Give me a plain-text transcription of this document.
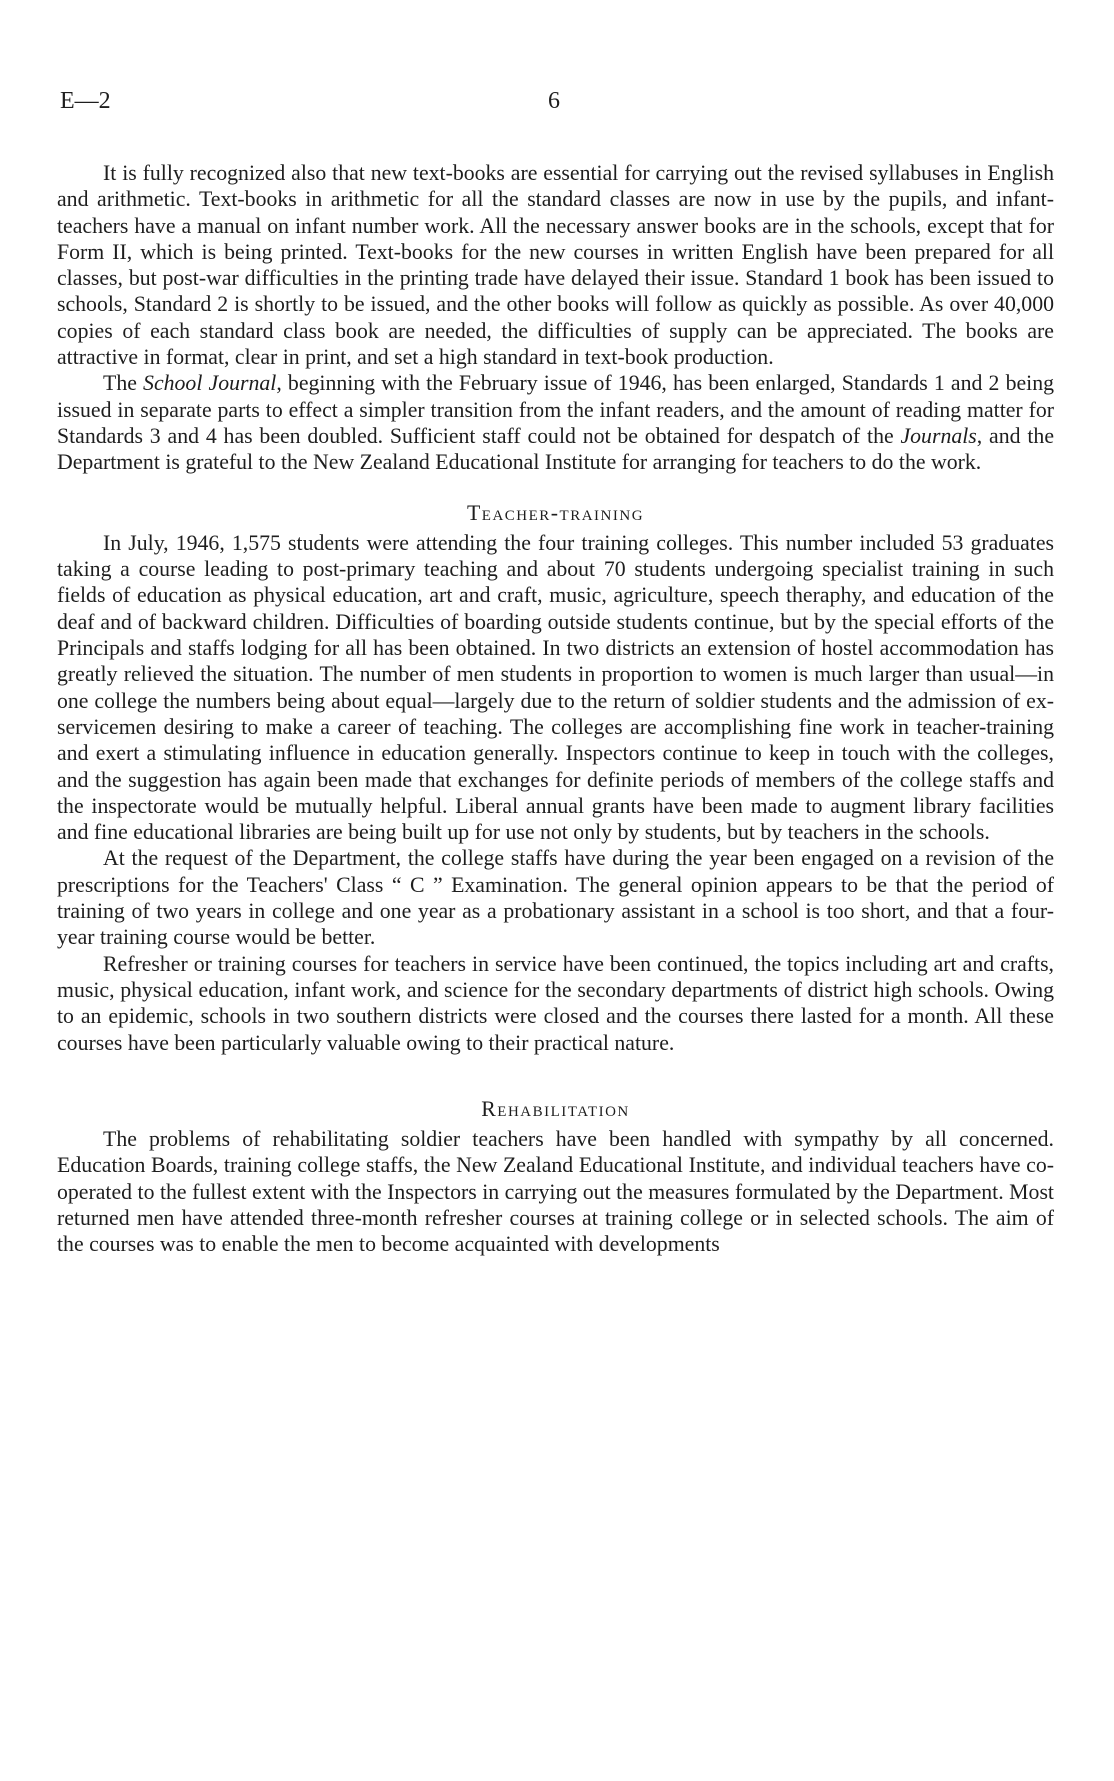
E—2	6

It is fully recognized also that new text-books are essential for carrying out the revised syllabuses in English and arithmetic. Text-books in arithmetic for all the standard classes are now in use by the pupils, and infant-teachers have a manual on infant number work. All the necessary answer books are in the schools, except that for Form II, which is being printed. Text-books for the new courses in written English have been prepared for all classes, but post-war difficulties in the printing trade have delayed their issue. Standard 1 book has been issued to schools, Standard 2 is shortly to be issued, and the other books will follow as quickly as possible. As over 40,000 copies of each standard class book are needed, the difficulties of supply can be appreciated. The books are attractive in format, clear in print, and set a high standard in text-book production.

The School Journal, beginning with the February issue of 1946, has been enlarged, Standards 1 and 2 being issued in separate parts to effect a simpler transition from the infant readers, and the amount of reading matter for Standards 3 and 4 has been doubled. Sufficient staff could not be obtained for despatch of the Journals, and the Department is grateful to the New Zealand Educational Institute for arranging for teachers to do the work.

Teacher-training

In July, 1946, 1,575 students were attending the four training colleges. This number included 53 graduates taking a course leading to post-primary teaching and about 70 students undergoing specialist training in such fields of education as physical education, art and craft, music, agriculture, speech theraphy, and education of the deaf and of backward children. Difficulties of boarding outside students continue, but by the special efforts of the Principals and staffs lodging for all has been obtained. In two districts an extension of hostel accommodation has greatly relieved the situation. The number of men students in proportion to women is much larger than usual—in one college the numbers being about equal—largely due to the return of soldier students and the admission of ex-servicemen desiring to make a career of teaching. The colleges are accomplishing fine work in teacher-training and exert a stimulating influence in education generally. Inspectors continue to keep in touch with the colleges, and the suggestion has again been made that exchanges for definite periods of members of the college staffs and the inspectorate would be mutually helpful. Liberal annual grants have been made to augment library facilities and fine educational libraries are being built up for use not only by students, but by teachers in the schools.

At the request of the Department, the college staffs have during the year been engaged on a revision of the prescriptions for the Teachers' Class “ C ” Examination. The general opinion appears to be that the period of training of two years in college and one year as a probationary assistant in a school is too short, and that a four-year training course would be better.

Refresher or training courses for teachers in service have been continued, the topics including art and crafts, music, physical education, infant work, and science for the secondary departments of district high schools. Owing to an epidemic, schools in two southern districts were closed and the courses there lasted for a month. All these courses have been particularly valuable owing to their practical nature.

Rehabilitation

The problems of rehabilitating soldier teachers have been handled with sympathy by all concerned. Education Boards, training college staffs, the New Zealand Educational Institute, and individual teachers have co-operated to the fullest extent with the Inspectors in carrying out the measures formulated by the Department. Most returned men have attended three-month refresher courses at training college or in selected schools. The aim of the courses was to enable the men to become acquainted with developments
